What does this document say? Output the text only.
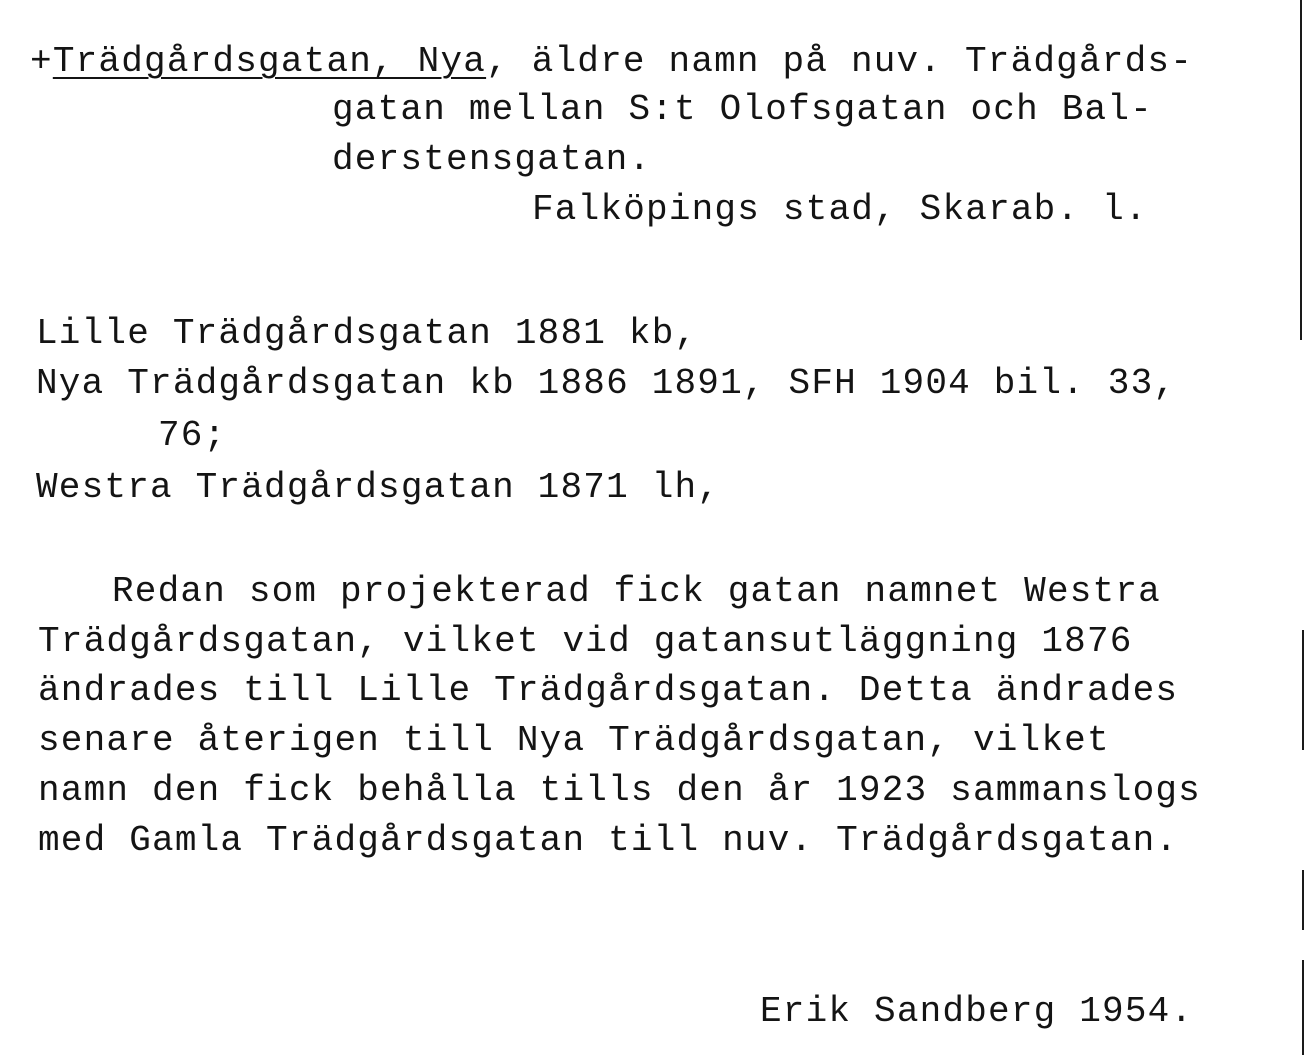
+Trädgårdsgatan, Nya, äldre namn på nuv. Trädgårds-
gatan mellan S:t Olofsgatan och Bal-
derstensgatan.
Falköpings stad, Skarab. l.
Lille Trädgårdsgatan 1881 kb,
Nya Trädgårdsgatan kb 1886 1891, SFH 1904 bil. 33,
76;
Westra Trädgårdsgatan 1871 lh,
Redan som projekterad fick gatan namnet Westra
Trädgårdsgatan, vilket vid gatansutläggning 1876
ändrades till Lille Trädgårdsgatan. Detta ändrades
senare återigen till Nya Trädgårdsgatan, vilket
namn den fick behålla tills den år 1923 sammanslogs
med Gamla Trädgårdsgatan till nuv. Trädgårdsgatan.
Erik Sandberg 1954.
